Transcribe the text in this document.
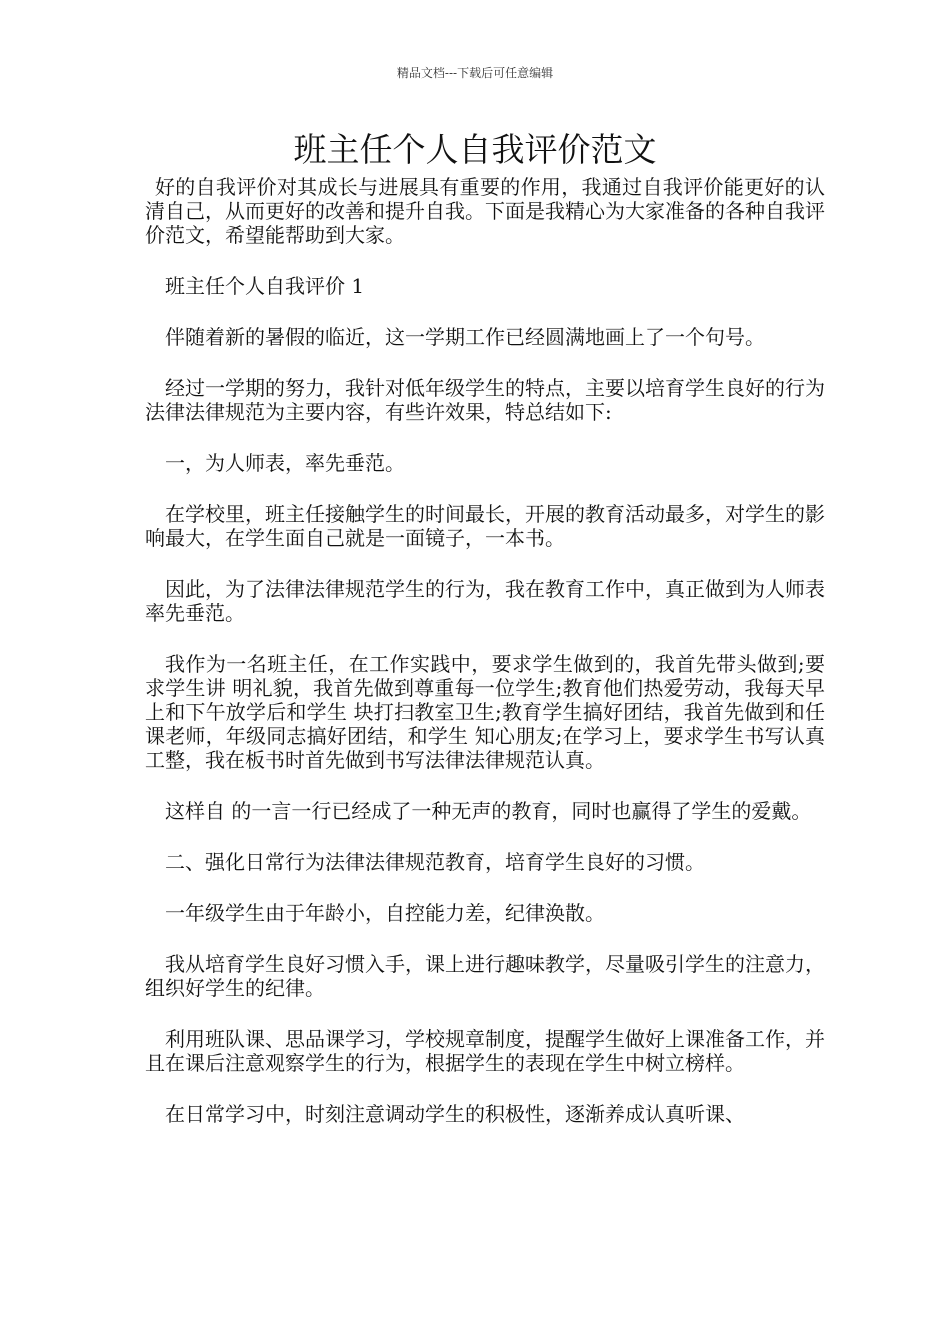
精品文档---下载后可任意编辑
班主任个人自我评价范文

好的自我评价对其成长与进展具有重要的作用，我通过自我评价能更好的认清自己，从而更好的改善和提升自我。下面是我精心为大家准备的各种自我评价范文，希望能帮助到大家。

班主任个人自我评价 1

伴随着新的暑假的临近，这一学期工作已经圆满地画上了一个句号。

经过一学期的努力，我针对低年级学生的特点，主要以培育学生良好的行为法律法律规范为主要内容，有些许效果，特总结如下:

一，为人师表，率先垂范。

在学校里，班主任接触学生的时间最长，开展的教育活动最多，对学生的影响最大，在学生面自己就是一面镜子，一本书。

因此，为了法律法律规范学生的行为，我在教育工作中，真正做到为人师表 率先垂范。

我作为一名班主任，在工作实践中，要求学生做到的，我首先带头做到;要求学生讲 明礼貌，我首先做到尊重每一位学生;教育他们热爱劳动，我每天早上和下午放学后和学生 块打扫教室卫生;教育学生搞好团结，我首先做到和任课老师，年级同志搞好团结，和学生 知心朋友;在学习上，要求学生书写认真工整，我在板书时首先做到书写法律法律规范认真。

这样自 的一言一行已经成了一种无声的教育，同时也赢得了学生的爱戴。

二、强化日常行为法律法律规范教育，培育学生良好的习惯。

一年级学生由于年龄小，自控能力差，纪律涣散。

我从培育学生良好习惯入手，课上进行趣味教学，尽量吸引学生的注意力，组织好学生的纪律。

利用班队课、思品课学习，学校规章制度，提醒学生做好上课准备工作，并且在课后注意观察学生的行为，根据学生的表现在学生中树立榜样。

在日常学习中，时刻注意调动学生的积极性，逐渐养成认真听课、
